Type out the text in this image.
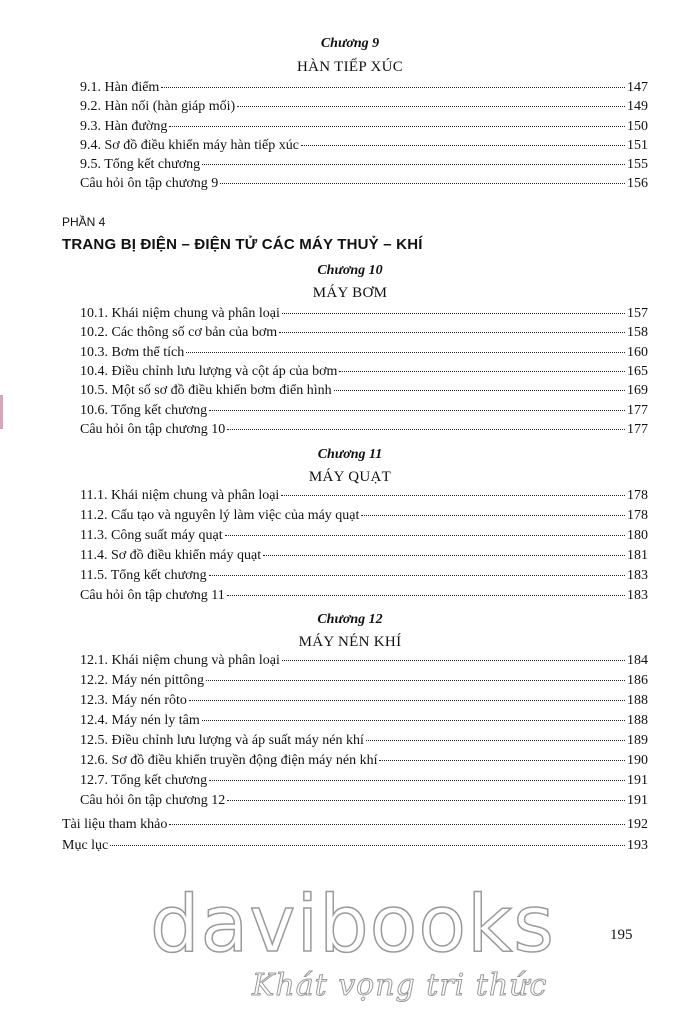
Chương 9
HÀN TIẾP XÚC
9.1. Hàn điểm	147
9.2. Hàn nối (hàn giáp mối)	149
9.3. Hàn đường	150
9.4. Sơ đồ điều khiển máy hàn tiếp xúc	151
9.5. Tổng kết chương	155
Câu hỏi ôn tập chương 9	156
PHẦN 4
TRANG BỊ ĐIỆN – ĐIỆN TỬ CÁC MÁY THUỶ – KHÍ
Chương 10
MÁY BƠM
10.1. Khái niệm chung và phân loại	157
10.2. Các thông số cơ bản của bơm	158
10.3. Bơm thể tích	160
10.4. Điều chỉnh lưu lượng và cột áp của bơm	165
10.5. Một số sơ đồ điều khiển bơm điển hình	169
10.6. Tổng kết chương	177
Câu hỏi ôn tập chương 10	177
Chương 11
MÁY QUẠT
11.1. Khái niệm chung và phân loại	178
11.2. Cấu tạo và nguyên lý làm việc của máy quạt	178
11.3. Công suất máy quạt	180
11.4. Sơ đồ điều khiển máy quạt	181
11.5. Tổng kết chương	183
Câu hỏi ôn tập chương 11	183
Chương 12
MÁY NÉN KHÍ
12.1. Khái niệm chung và phân loại	184
12.2. Máy nén pittông	186
12.3. Máy nén rôto	188
12.4. Máy nén ly tâm	188
12.5. Điều chỉnh lưu lượng và áp suất máy nén khí	189
12.6. Sơ đồ điều khiển truyền động điện máy nén khí	190
12.7. Tổng kết chương	191
Câu hỏi ôn tập chương 12	191
Tài liệu tham khảo	192
Mục lục	193
davibooks
Khát vọng tri thức
195
